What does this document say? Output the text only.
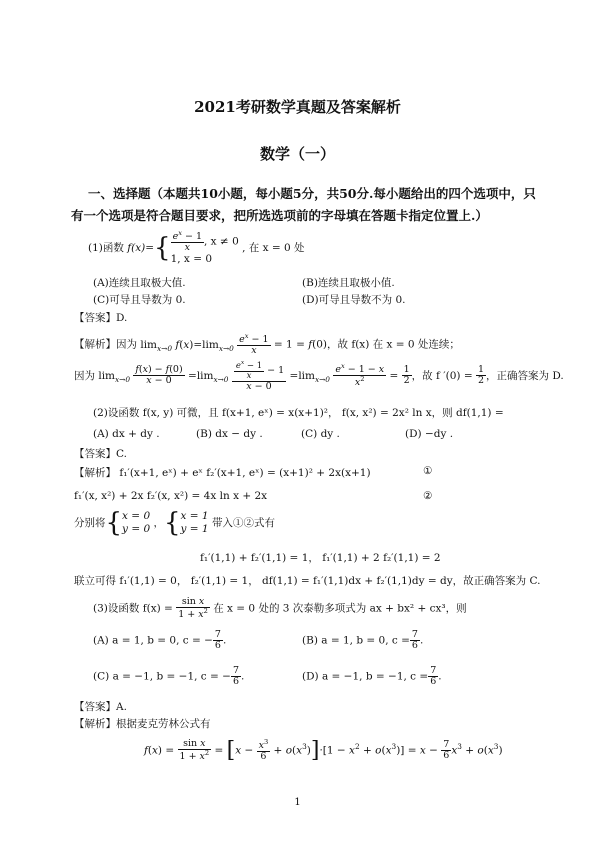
2021考研数学真题及答案解析
数学（一）
一、选择题（本题共10小题，每小题5分，共50分.每小题给出的四个选项中，只
有一个选项是符合题目要求，把所选选项前的字母填在答题卡指定位置上.）
(1)函数 $f(x)=\{ \frac{e^x - 1}{x}$ , x ≠ 0
1, x = 0
, 在 x = 0 处
(A)连续且取极大值.	(B)连续且取极小值.
(C)可导且导数为 0.	(D)可导且导数不为 0.
【答案】D.
【解析】因为 $\lim_{x\to 0} f(x)=\lim_{x\to 0} \frac{e^x - 1}{x} = 1 = f(0)$，故 f(x) 在 x = 0 处连续；
因为 $\lim_{x\to 0} \frac{f(x) - f(0)}{x - 0} =\lim_{x\to 0} \frac{\frac{e^x - 1}{x} - 1}{x - 0} =\lim_{x\to 0} \frac{e^x - 1 - x}{x^2} = \frac{1}{2}$ ，故 f $'(0) = \frac{1}{2}$ ，正确答案为 D.
(2)设函数 f(x, y) 可微，且 f(x+1, eˣ) = x(x+1)²， f(x, x²) = 2x² ln x，则 df(1,1) =
(A) dx + dy .	(B) dx − dy .	(C) dy .	(D) −dy .
【答案】C.
【解析】 f₁′(x+1, eˣ) + eˣ f₂′(x+1, eˣ) = (x+1)² + 2x(x+1)	①
f₁′(x, x²) + 2x f₂′(x, x²) = 4x ln x + 2x	②
分别将{ x = 0
y = 0 ，{ x = 1
y = 1 带入①②式有
f₁′(1,1) + f₂′(1,1) = 1， f₁′(1,1) + 2 f₂′(1,1) = 2
联立可得 f₁′(1,1) = 0， f₂′(1,1) = 1， df(1,1) = f₁′(1,1)dx + f₂′(1,1)dy = dy，故正确答案为 C.
(3)设函数 $f(x) = \frac{\text{sin x}}{1 + x^2}$ 在 x = 0 处的 3 次泰勒多项式为 ax + bx² + cx³，则
(A) a = 1, b = 0, c = − $\frac{7}{6}$ .	(B) a = 1, b = 0, $c = \frac{7}{6}$ .
(C) a = −1, b = −1, c = − $\frac{7}{6}$ .	(D) a = −1, b = −1, $c = \frac{7}{6}$ .
【答案】A.
【解析】根据麦克劳林公式有
$f(x) = \frac{\text{sin x}}{1 + x^2} = [x - \frac{x^3}{6} + o(x^3)]\cdot[1 - x^2 + o(x^3)] = x - \frac{7}{6} x^3 + o(x^3)$
1
